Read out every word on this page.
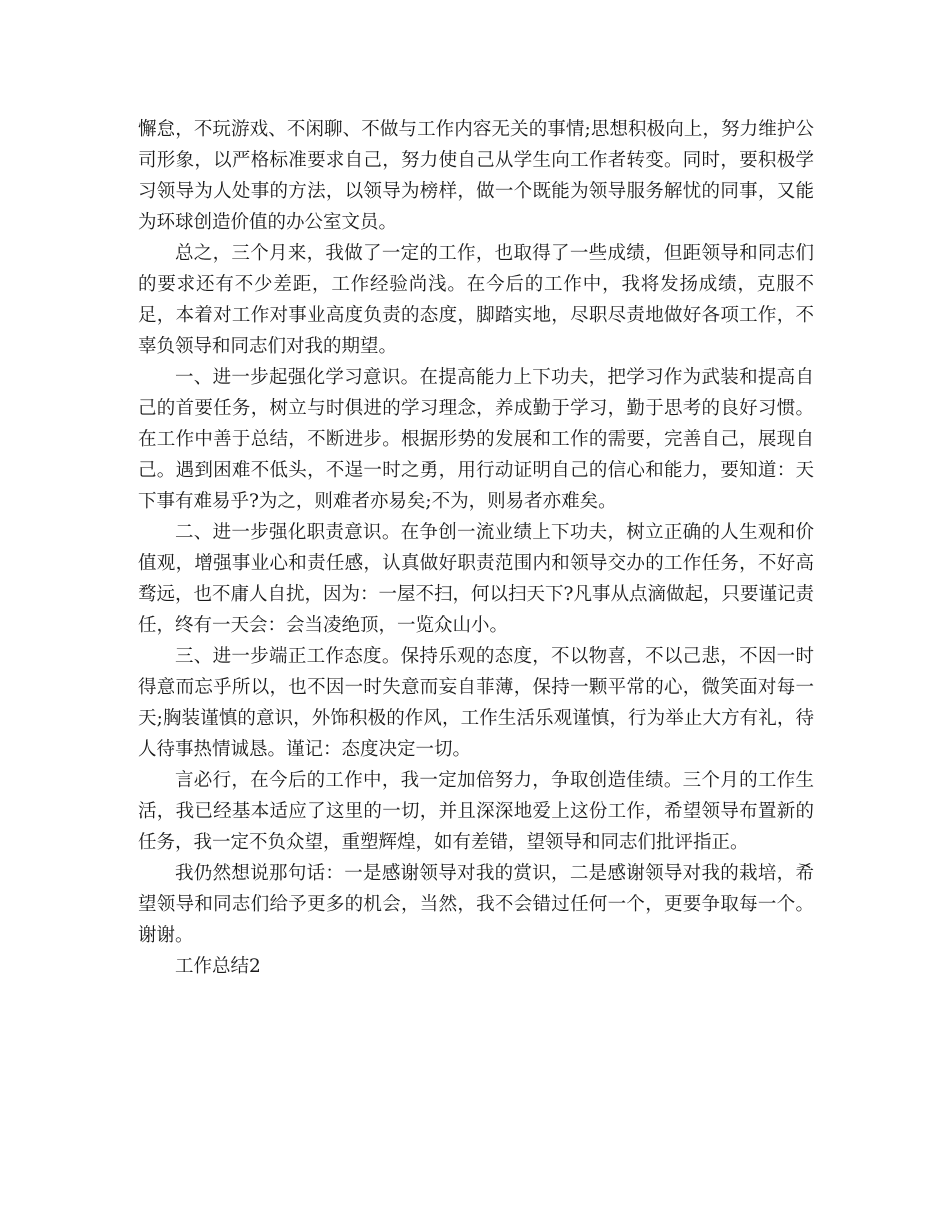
懈怠，不玩游戏、不闲聊、不做与工作内容无关的事情;思想积极向上，努力维护公司形象，以严格标准要求自己，努力使自己从学生向工作者转变。同时，要积极学习领导为人处事的方法，以领导为榜样，做一个既能为领导服务解忧的同事，又能为环球创造价值的办公室文员。

总之，三个月来，我做了一定的工作，也取得了一些成绩，但距领导和同志们的要求还有不少差距，工作经验尚浅。在今后的工作中，我将发扬成绩，克服不足，本着对工作对事业高度负责的态度，脚踏实地，尽职尽责地做好各项工作，不辜负领导和同志们对我的期望。

一、进一步起强化学习意识。在提高能力上下功夫，把学习作为武装和提高自己的首要任务，树立与时俱进的学习理念，养成勤于学习，勤于思考的良好习惯。在工作中善于总结，不断进步。根据形势的发展和工作的需要，完善自己，展现自己。遇到困难不低头，不逞一时之勇，用行动证明自己的信心和能力，要知道：天下事有难易乎?为之，则难者亦易矣;不为，则易者亦难矣。

二、进一步强化职责意识。在争创一流业绩上下功夫，树立正确的人生观和价值观，增强事业心和责任感，认真做好职责范围内和领导交办的工作任务，不好高骛远，也不庸人自扰，因为：一屋不扫，何以扫天下?凡事从点滴做起，只要谨记责任，终有一天会：会当凌绝顶，一览众山小。

三、进一步端正工作态度。保持乐观的态度，不以物喜，不以己悲，不因一时得意而忘乎所以，也不因一时失意而妄自菲薄，保持一颗平常的心，微笑面对每一天;胸装谨慎的意识，外饰积极的作风，工作生活乐观谨慎，行为举止大方有礼，待人待事热情诚恳。谨记：态度决定一切。

言必行，在今后的工作中，我一定加倍努力，争取创造佳绩。三个月的工作生活，我已经基本适应了这里的一切，并且深深地爱上这份工作，希望领导布置新的任务，我一定不负众望，重塑辉煌，如有差错，望领导和同志们批评指正。

我仍然想说那句话：一是感谢领导对我的赏识，二是感谢领导对我的栽培，希望领导和同志们给予更多的机会，当然，我不会错过任何一个，更要争取每一个。谢谢。

工作总结2
